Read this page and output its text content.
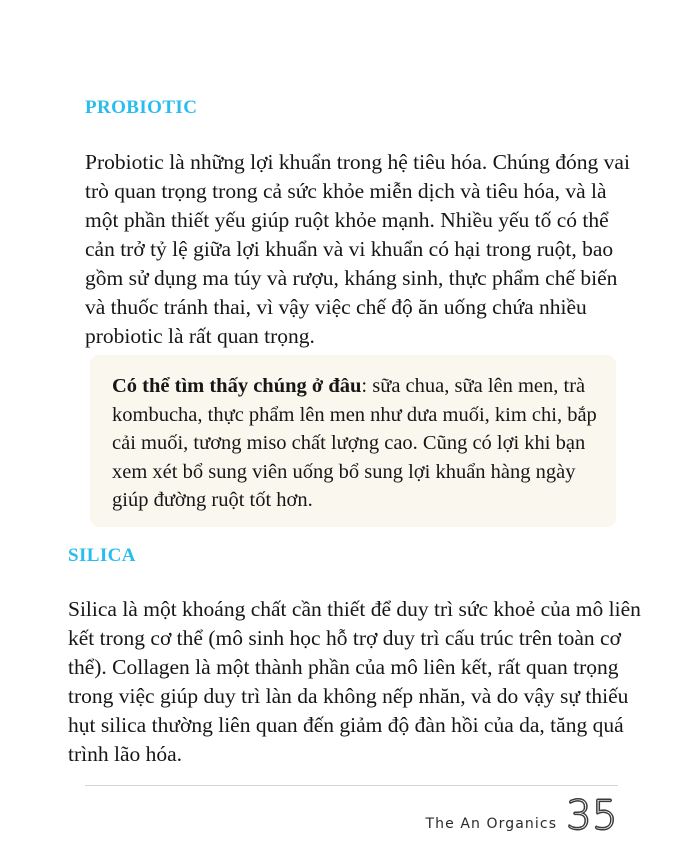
PROBIOTIC

Probiotic là những lợi khuẩn trong hệ tiêu hóa. Chúng đóng vai trò quan trọng trong cả sức khỏe miễn dịch và tiêu hóa, và là một phần thiết yếu giúp ruột khỏe mạnh. Nhiều yếu tố có thể cản trở tỷ lệ giữa lợi khuẩn và vi khuẩn có hại trong ruột, bao gồm sử dụng ma túy và rượu, kháng sinh, thực phẩm chế biến và thuốc tránh thai, vì vậy việc chế độ ăn uống chứa nhiều probiotic là rất quan trọng.

Có thể tìm thấy chúng ở đâu: sữa chua, sữa lên men, trà kombucha, thực phẩm lên men như dưa muối, kim chi, bắp cải muối, tương miso chất lượng cao. Cũng có lợi khi bạn xem xét bổ sung viên uống bổ sung lợi khuẩn hàng ngày giúp đường ruột tốt hơn.

SILICA

Silica là một khoáng chất cần thiết để duy trì sức khoẻ của mô liên kết trong cơ thể (mô sinh học hỗ trợ duy trì cấu trúc trên toàn cơ thể). Collagen là một thành phần của mô liên kết, rất quan trọng trong việc giúp duy trì làn da không nếp nhăn, và do vậy sự thiếu hụt silica thường liên quan đến giảm độ đàn hồi của da, tăng quá trình lão hóa.

The An Organics 35
